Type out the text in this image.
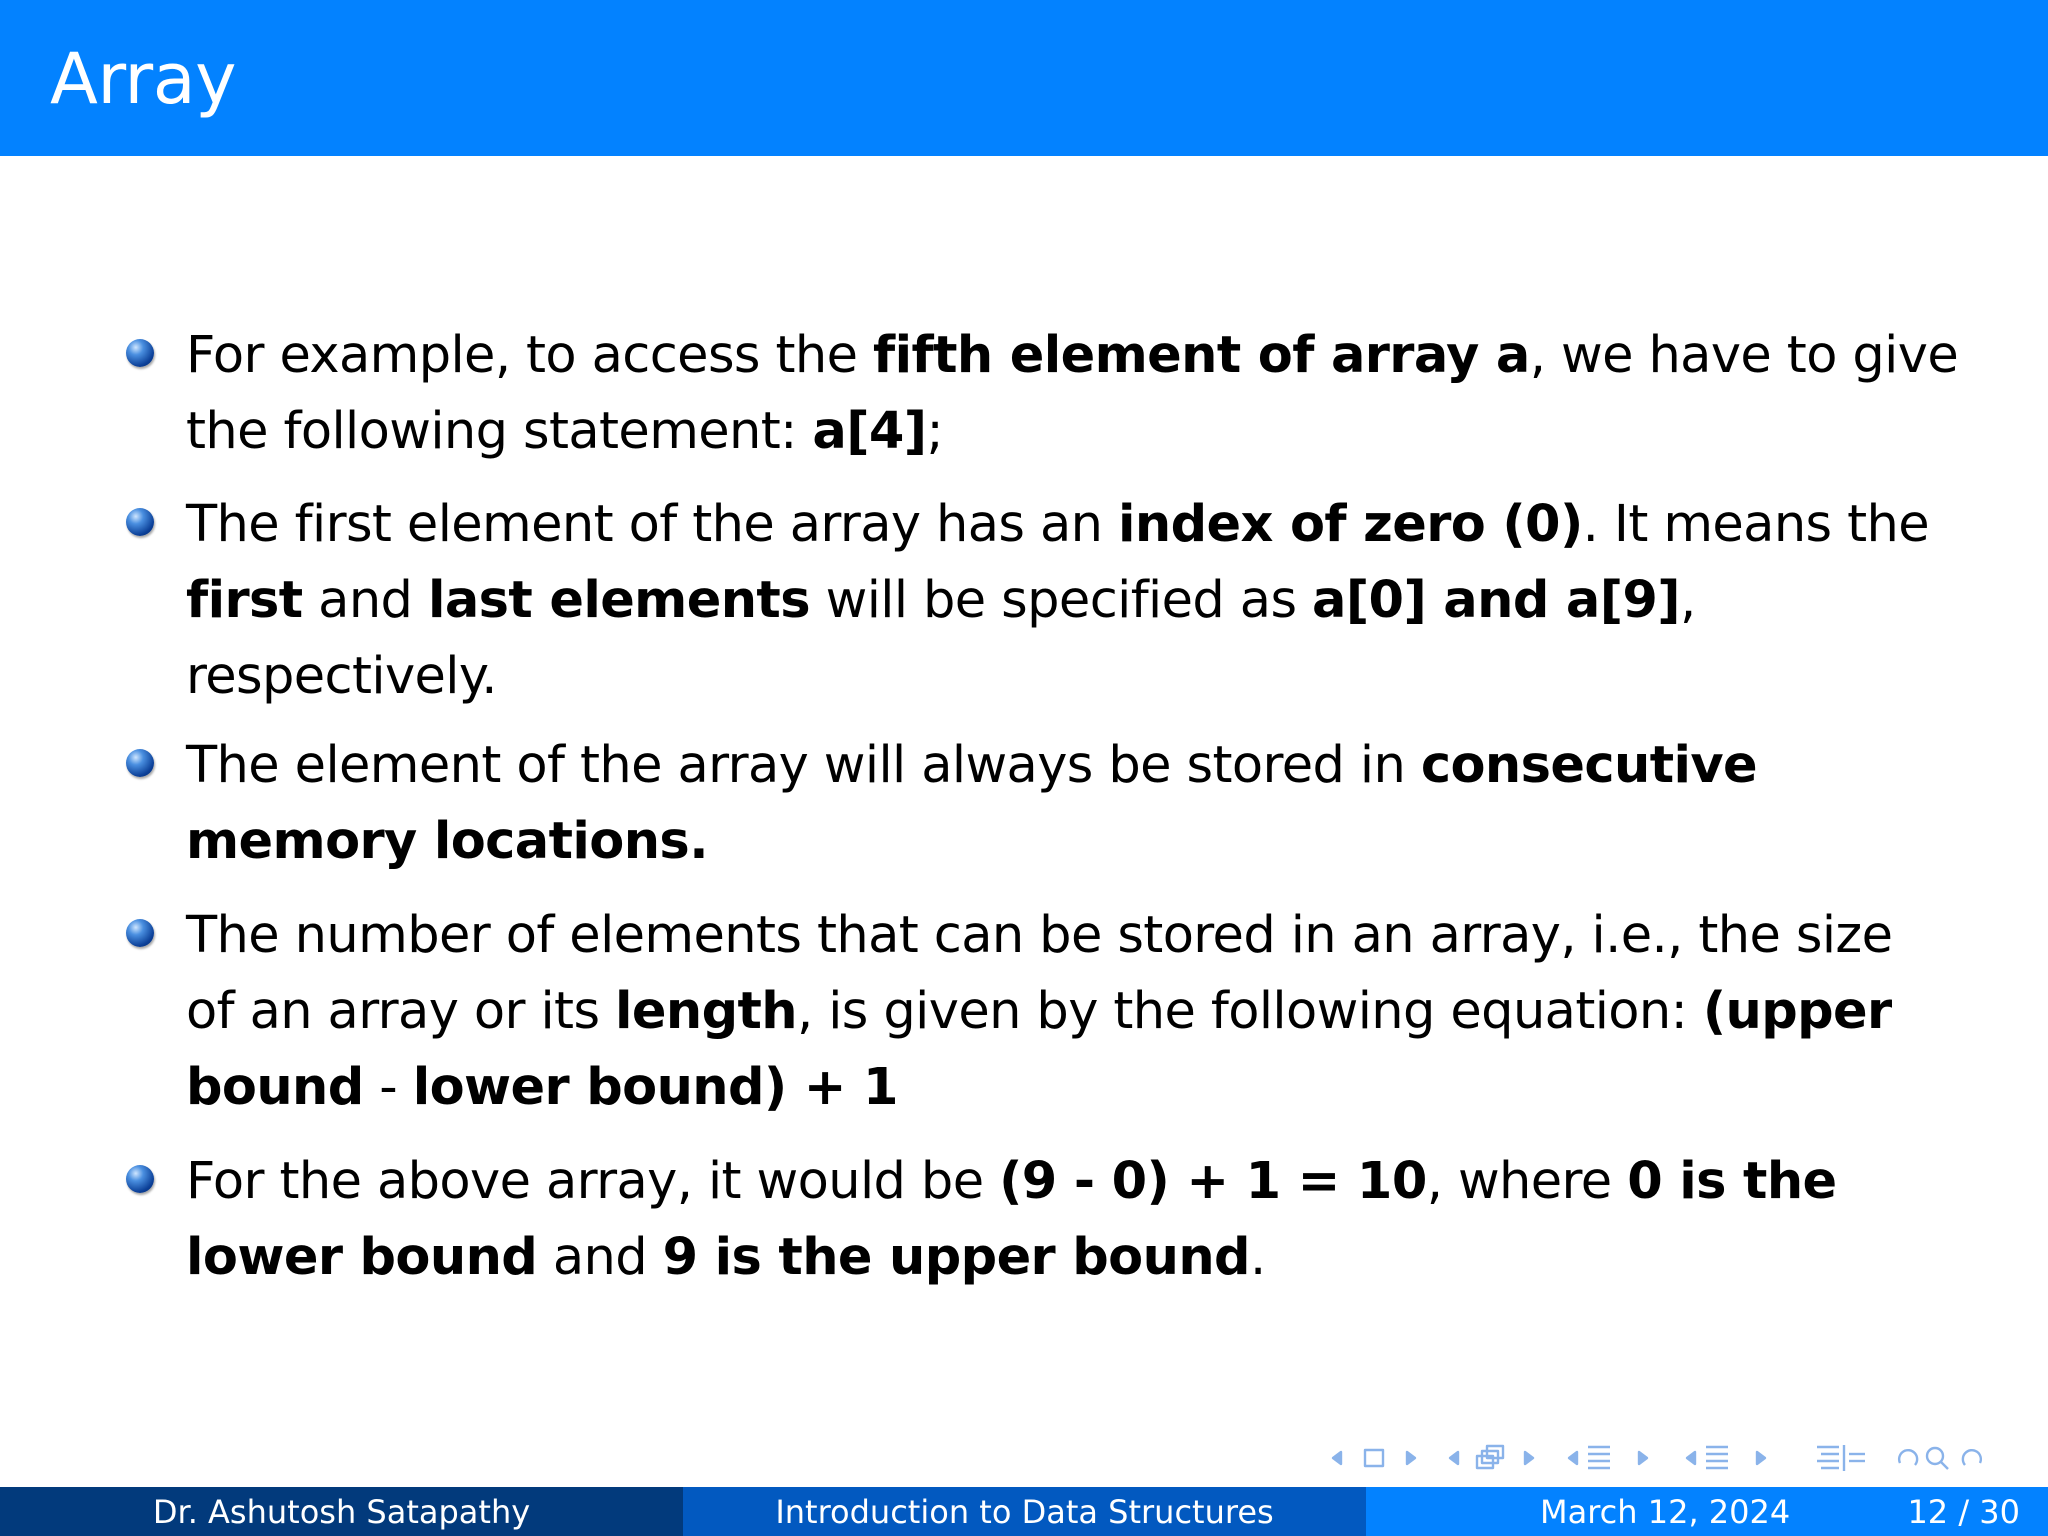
Array
For example, to access the fifth element of array a, we have to give
the following statement: a[4];
The first element of the array has an index of zero (0). It means the
first and last elements will be specified as a[0] and a[9],
respectively.
The element of the array will always be stored in consecutive
memory locations.
The number of elements that can be stored in an array, i.e., the size
of an array or its length, is given by the following equation: (upper
bound - lower bound) + 1
For the above array, it would be (9 - 0) + 1 = 10, where 0 is the
lower bound and 9 is the upper bound.
Dr. Ashutosh Satapathy	Introduction to Data Structures	March 12, 2024	12 / 30
